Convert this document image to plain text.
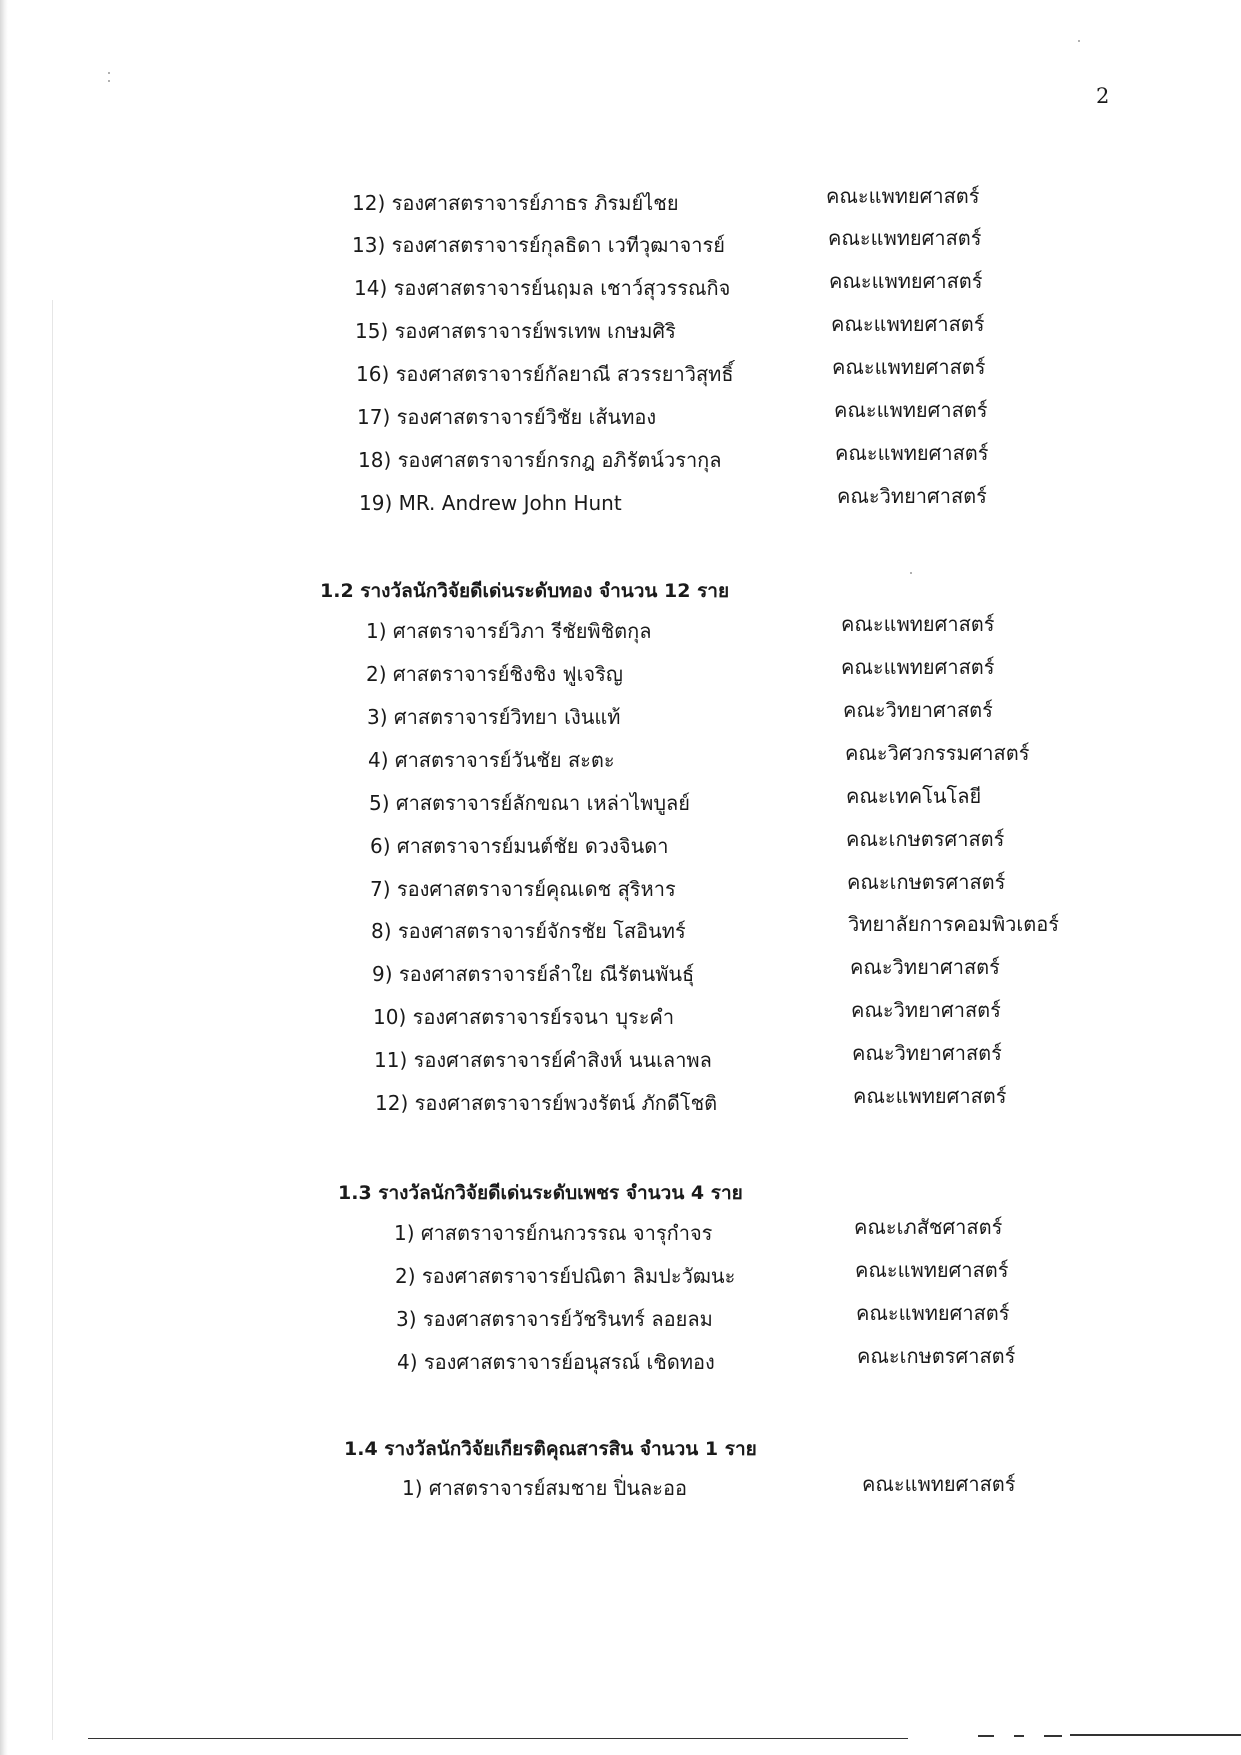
2
12) รองศาสตราจารย์ภาธร ภิรมย์ไชย	คณะแพทยศาสตร์
13) รองศาสตราจารย์กุลธิดา เวทีวุฒาจารย์	คณะแพทยศาสตร์
14) รองศาสตราจารย์นฤมล เชาว์สุวรรณกิจ	คณะแพทยศาสตร์
15) รองศาสตราจารย์พรเทพ เกษมศิริ	คณะแพทยศาสตร์
16) รองศาสตราจารย์กัลยาณี สวรรยาวิสุทธิ์	คณะแพทยศาสตร์
17) รองศาสตราจารย์วิชัย เส้นทอง	คณะแพทยศาสตร์
18) รองศาสตราจารย์กรกฎ อภิรัตน์วรากุล	คณะแพทยศาสตร์
19) MR. Andrew John Hunt	คณะวิทยาศาสตร์
1.2 รางวัลนักวิจัยดีเด่นระดับทอง จำนวน 12 ราย
1) ศาสตราจารย์วิภา รีชัยพิชิตกุล	คณะแพทยศาสตร์
2) ศาสตราจารย์ชิงชิง ฟูเจริญ	คณะแพทยศาสตร์
3) ศาสตราจารย์วิทยา เงินแท้	คณะวิทยาศาสตร์
4) ศาสตราจารย์วันชัย สะตะ	คณะวิศวกรรมศาสตร์
5) ศาสตราจารย์ลักขณา เหล่าไพบูลย์	คณะเทคโนโลยี
6) ศาสตราจารย์มนต์ชัย ดวงจินดา	คณะเกษตรศาสตร์
7) รองศาสตราจารย์คุณเดช สุริหาร	คณะเกษตรศาสตร์
8) รองศาสตราจารย์จักรชัย โสอินทร์	วิทยาลัยการคอมพิวเตอร์
9) รองศาสตราจารย์ลำใย ณีรัตนพันธุ์	คณะวิทยาศาสตร์
10) รองศาสตราจารย์รจนา บุระคำ	คณะวิทยาศาสตร์
11) รองศาสตราจารย์คำสิงห์ นนเลาพล	คณะวิทยาศาสตร์
12) รองศาสตราจารย์พวงรัตน์ ภักดีโชติ	คณะแพทยศาสตร์
1.3 รางวัลนักวิจัยดีเด่นระดับเพชร จำนวน 4 ราย
1) ศาสตราจารย์กนกวรรณ จารุกำจร	คณะเภสัชศาสตร์
2) รองศาสตราจารย์ปณิตา ลิมปะวัฒนะ	คณะแพทยศาสตร์
3) รองศาสตราจารย์วัชรินทร์ ลอยลม	คณะแพทยศาสตร์
4) รองศาสตราจารย์อนุสรณ์ เชิดทอง	คณะเกษตรศาสตร์
1.4 รางวัลนักวิจัยเกียรติคุณสารสิน จำนวน 1 ราย
1) ศาสตราจารย์สมชาย ปิ่นละออ	คณะแพทยศาสตร์
